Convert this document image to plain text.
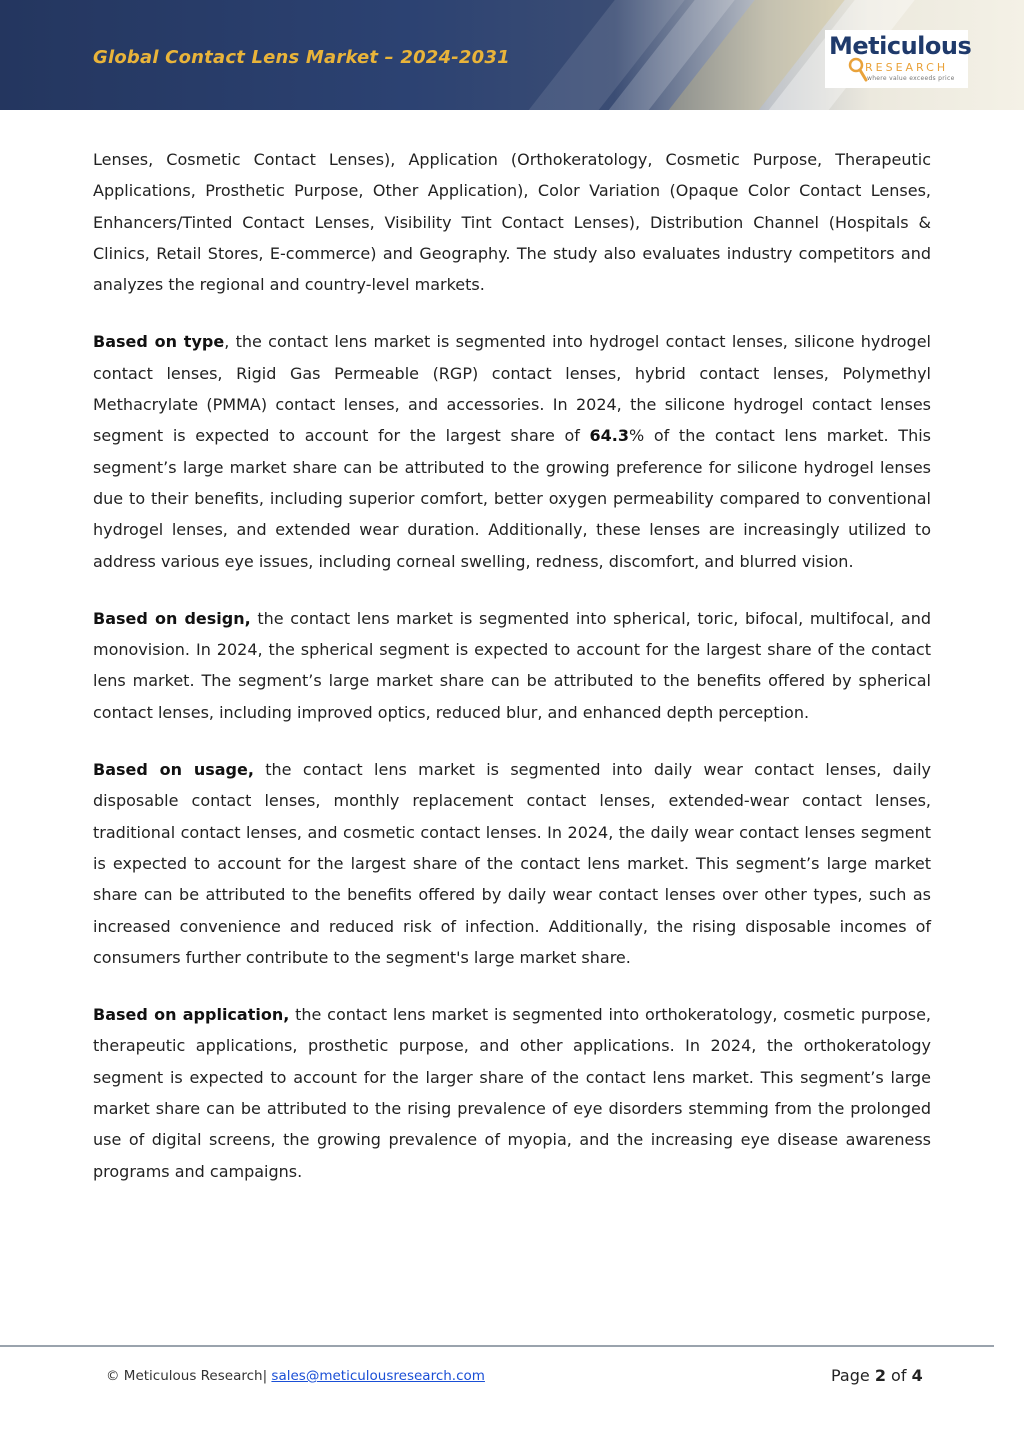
Global Contact Lens Market – 2024-2031	Meticulous
RESEARCH
where value exceeds price

Lenses, Cosmetic Contact Lenses), Application (Orthokeratology, Cosmetic Purpose, Therapeutic Applications, Prosthetic Purpose, Other Application), Color Variation (Opaque Color Contact Lenses, Enhancers/Tinted Contact Lenses, Visibility Tint Contact Lenses), Distribution Channel (Hospitals & Clinics, Retail Stores, E-commerce) and Geography. The study also evaluates industry competitors and analyzes the regional and country-level markets.

Based on type, the contact lens market is segmented into hydrogel contact lenses, silicone hydrogel contact lenses, Rigid Gas Permeable (RGP) contact lenses, hybrid contact lenses, Polymethyl Methacrylate (PMMA) contact lenses, and accessories. In 2024, the silicone hydrogel contact lenses segment is expected to account for the largest share of 64.3% of the contact lens market. This segment’s large market share can be attributed to the growing preference for silicone hydrogel lenses due to their benefits, including superior comfort, better oxygen permeability compared to conventional hydrogel lenses, and extended wear duration. Additionally, these lenses are increasingly utilized to address various eye issues, including corneal swelling, redness, discomfort, and blurred vision.

Based on design, the contact lens market is segmented into spherical, toric, bifocal, multifocal, and monovision. In 2024, the spherical segment is expected to account for the largest share of the contact lens market. The segment’s large market share can be attributed to the benefits offered by spherical contact lenses, including improved optics, reduced blur, and enhanced depth perception.

Based on usage, the contact lens market is segmented into daily wear contact lenses, daily disposable contact lenses, monthly replacement contact lenses, extended-wear contact lenses, traditional contact lenses, and cosmetic contact lenses. In 2024, the daily wear contact lenses segment is expected to account for the largest share of the contact lens market. This segment’s large market share can be attributed to the benefits offered by daily wear contact lenses over other types, such as increased convenience and reduced risk of infection. Additionally, the rising disposable incomes of consumers further contribute to the segment's large market share.

Based on application, the contact lens market is segmented into orthokeratology, cosmetic purpose, therapeutic applications, prosthetic purpose, and other applications. In 2024, the orthokeratology segment is expected to account for the larger share of the contact lens market. This segment’s large market share can be attributed to the rising prevalence of eye disorders stemming from the prolonged use of digital screens, the growing prevalence of myopia, and the increasing eye disease awareness programs and campaigns.

© Meticulous Research| sales@meticulousresearch.com	Page 2 of 4
